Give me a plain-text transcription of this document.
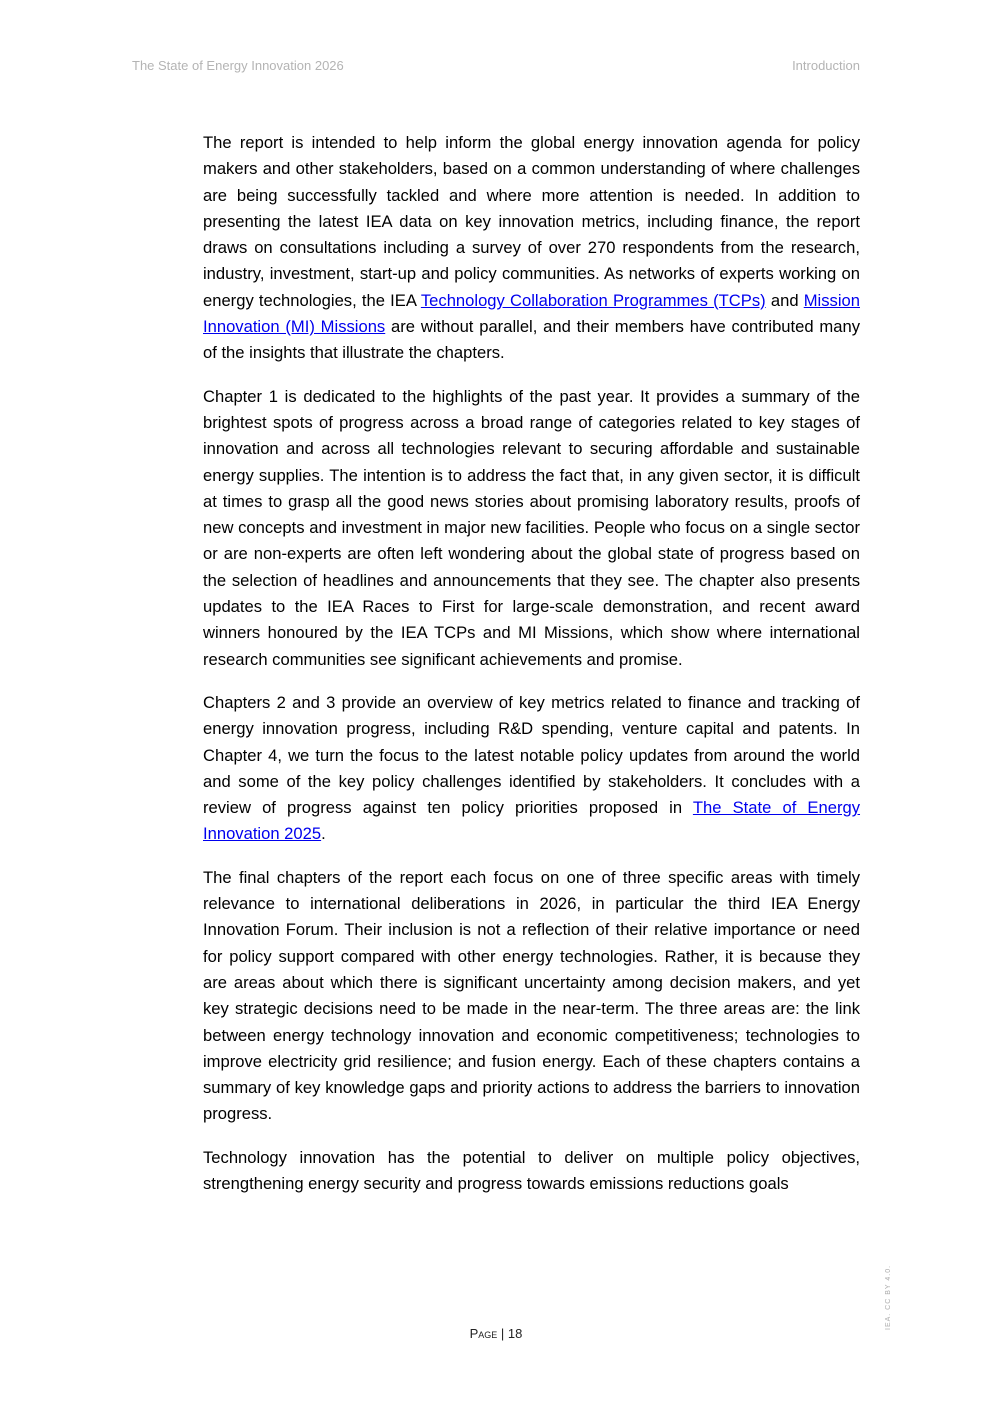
The State of Energy Innovation 2026	Introduction

The report is intended to help inform the global energy innovation agenda for policy makers and other stakeholders, based on a common understanding of where challenges are being successfully tackled and where more attention is needed. In addition to presenting the latest IEA data on key innovation metrics, including finance, the report draws on consultations including a survey of over 270 respondents from the research, industry, investment, start-up and policy communities. As networks of experts working on energy technologies, the IEA Technology Collaboration Programmes (TCPs) and Mission Innovation (MI) Missions are without parallel, and their members have contributed many of the insights that illustrate the chapters.

Chapter 1 is dedicated to the highlights of the past year. It provides a summary of the brightest spots of progress across a broad range of categories related to key stages of innovation and across all technologies relevant to securing affordable and sustainable energy supplies. The intention is to address the fact that, in any given sector, it is difficult at times to grasp all the good news stories about promising laboratory results, proofs of new concepts and investment in major new facilities. People who focus on a single sector or are non-experts are often left wondering about the global state of progress based on the selection of headlines and announcements that they see. The chapter also presents updates to the IEA Races to First for large-scale demonstration, and recent award winners honoured by the IEA TCPs and MI Missions, which show where international research communities see significant achievements and promise.

Chapters 2 and 3 provide an overview of key metrics related to finance and tracking of energy innovation progress, including R&D spending, venture capital and patents. In Chapter 4, we turn the focus to the latest notable policy updates from around the world and some of the key policy challenges identified by stakeholders. It concludes with a review of progress against ten policy priorities proposed in The State of Energy Innovation 2025.

The final chapters of the report each focus on one of three specific areas with timely relevance to international deliberations in 2026, in particular the third IEA Energy Innovation Forum. Their inclusion is not a reflection of their relative importance or need for policy support compared with other energy technologies. Rather, it is because they are areas about which there is significant uncertainty among decision makers, and yet key strategic decisions need to be made in the near-term. The three areas are: the link between energy technology innovation and economic competitiveness; technologies to improve electricity grid resilience; and fusion energy. Each of these chapters contains a summary of key knowledge gaps and priority actions to address the barriers to innovation progress.

Technology innovation has the potential to deliver on multiple policy objectives, strengthening energy security and progress towards emissions reductions goals

Page | 18
IEA. CC BY 4.0.
